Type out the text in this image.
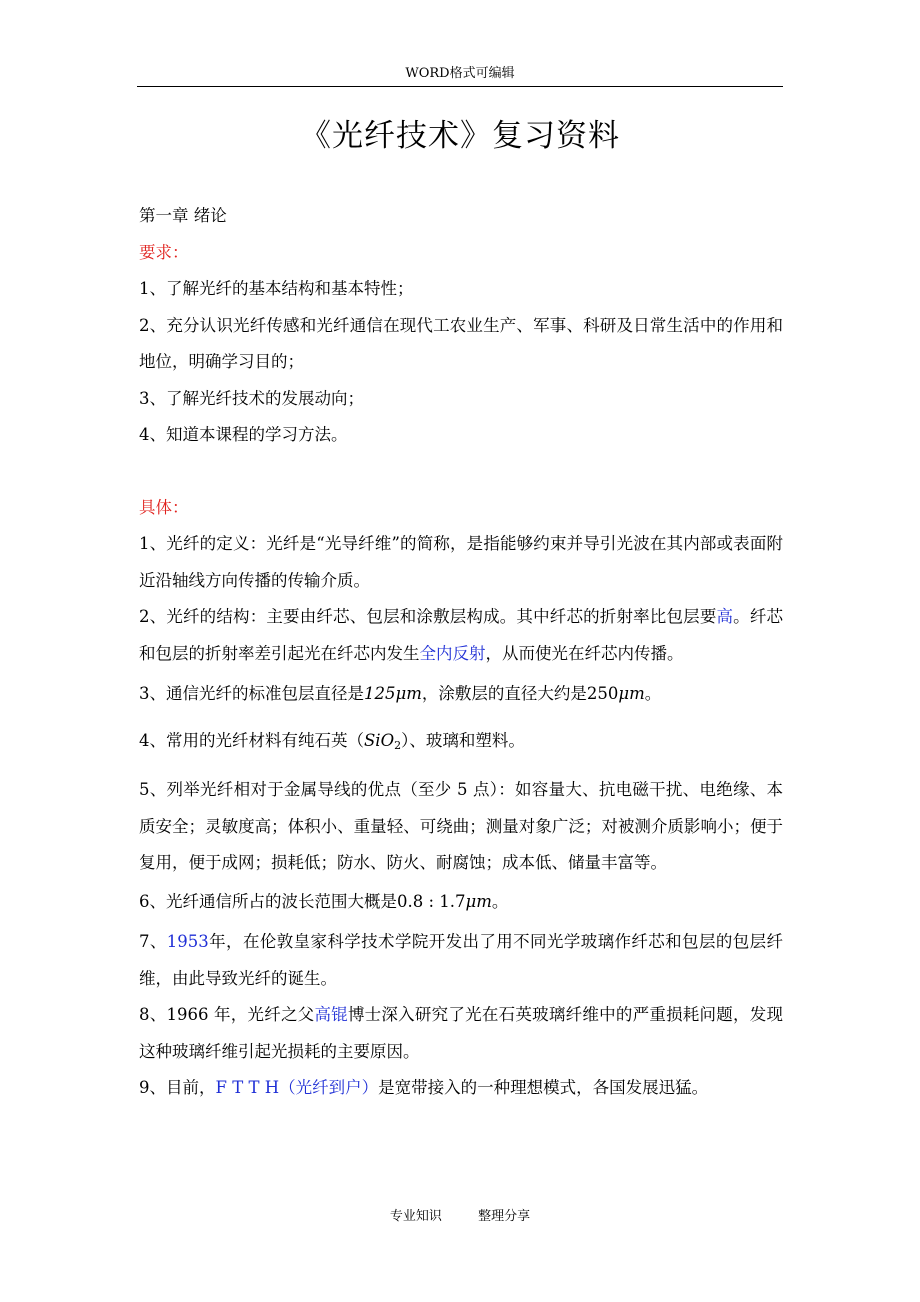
WORD格式可编辑
《光纤技术》复习资料
第一章 绪论
要求：
1、了解光纤的基本结构和基本特性；
2、充分认识光纤传感和光纤通信在现代工农业生产、军事、科研及日常生活中的作用和地位，明确学习目的；
3、了解光纤技术的发展动向；
4、知道本课程的学习方法。
具体：
1、光纤的定义：光纤是“光导纤维”的简称，是指能够约束并导引光波在其内部或表面附近沿轴线方向传播的传输介质。
2、光纤的结构：主要由纤芯、包层和涂敷层构成。其中纤芯的折射率比包层要高。纤芯和包层的折射率差引起光在纤芯内发生全内反射，从而使光在纤芯内传播。
3、通信光纤的标准包层直径是125μm，涂敷层的直径大约是250μm。
4、常用的光纤材料有纯石英（SiO2）、玻璃和塑料。
5、列举光纤相对于金属导线的优点（至少 5 点）：如容量大、抗电磁干扰、电绝缘、本质安全；灵敏度高；体积小、重量轻、可绕曲；测量对象广泛；对被测介质影响小；便于复用，便于成网；损耗低；防水、防火、耐腐蚀；成本低、储量丰富等。
6、光纤通信所占的波长范围大概是0.8 : 1.7μm。
7、1953年，在伦敦皇家科学技术学院开发出了用不同光学玻璃作纤芯和包层的包层纤维，由此导致光纤的诞生。
8、1966 年，光纤之父高锟博士深入研究了光在石英玻璃纤维中的严重损耗问题，发现这种玻璃纤维引起光损耗的主要原因。
9、目前，F T T H（光纤到户）是宽带接入的一种理想模式，各国发展迅猛。
专业知识	整理分享
